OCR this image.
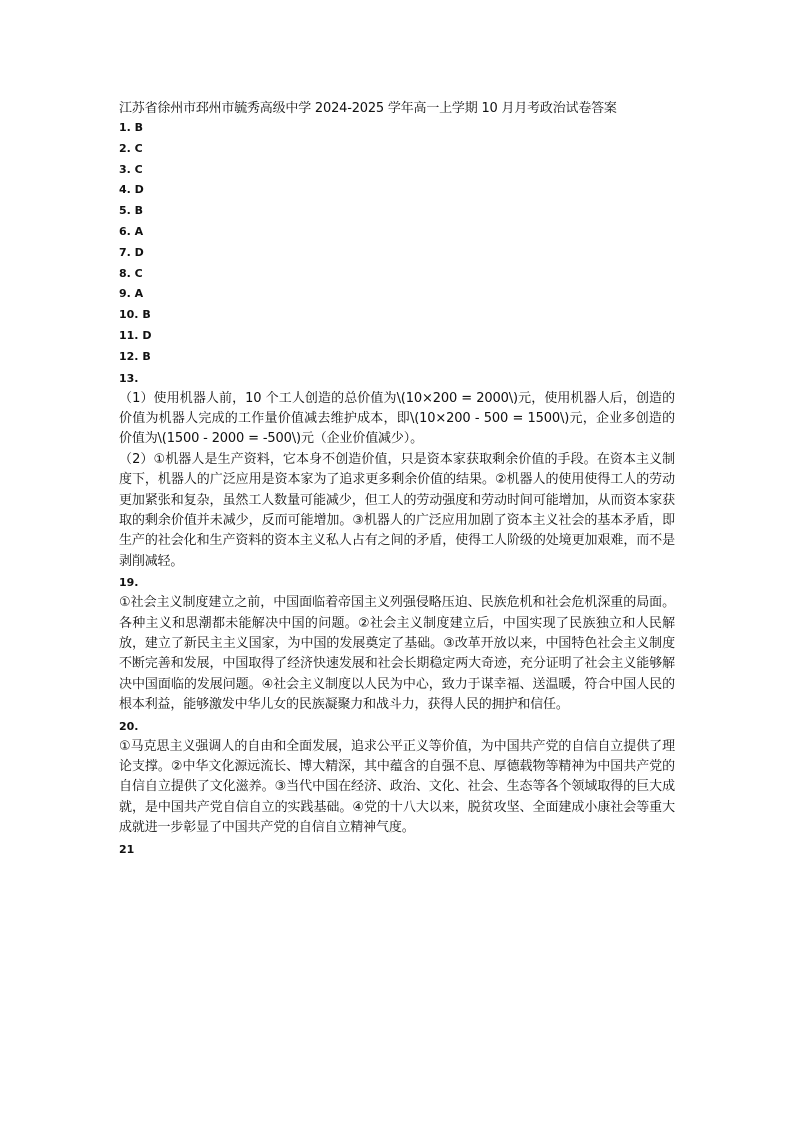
江苏省徐州市邳州市毓秀高级中学 2024-2025 学年高一上学期 10 月月考政治试卷答案
1. B
2. C
3. C
4. D
5. B
6. A
7. D
8. C
9. A
10. B
11. D
12. B
13.

（1）使用机器人前，10 个工人创造的总价值为\(10×200 = 2000\)元，使用机器人后，创造的价值为机器人完成的工作量价值减去维护成本，即\(10×200 - 500 = 1500\)元，企业多创造的价值为\(1500 - 2000 = -500\)元（企业价值减少）。

（2）①机器人是生产资料，它本身不创造价值，只是资本家获取剩余价值的手段。在资本主义制度下，机器人的广泛应用是资本家为了追求更多剩余价值的结果。②机器人的使用使得工人的劳动更加紧张和复杂，虽然工人数量可能减少，但工人的劳动强度和劳动时间可能增加，从而资本家获取的剩余价值并未减少，反而可能增加。③机器人的广泛应用加剧了资本主义社会的基本矛盾，即生产的社会化和生产资料的资本主义私人占有之间的矛盾，使得工人阶级的处境更加艰难，而不是剥削减轻。

19.

①社会主义制度建立之前，中国面临着帝国主义列强侵略压迫、民族危机和社会危机深重的局面。各种主义和思潮都未能解决中国的问题。②社会主义制度建立后，中国实现了民族独立和人民解放，建立了新民主主义国家，为中国的发展奠定了基础。③改革开放以来，中国特色社会主义制度不断完善和发展，中国取得了经济快速发展和社会长期稳定两大奇迹，充分证明了社会主义能够解决中国面临的发展问题。④社会主义制度以人民为中心，致力于谋幸福、送温暖，符合中国人民的根本利益，能够激发中华儿女的民族凝聚力和战斗力，获得人民的拥护和信任。

20.

①马克思主义强调人的自由和全面发展，追求公平正义等价值，为中国共产党的自信自立提供了理论支撑。②中华文化源远流长、博大精深，其中蕴含的自强不息、厚德载物等精神为中国共产党的自信自立提供了文化滋养。③当代中国在经济、政治、文化、社会、生态等各个领域取得的巨大成就，是中国共产党自信自立的实践基础。④党的十八大以来，脱贫攻坚、全面建成小康社会等重大成就进一步彰显了中国共产党的自信自立精神气度。

21
